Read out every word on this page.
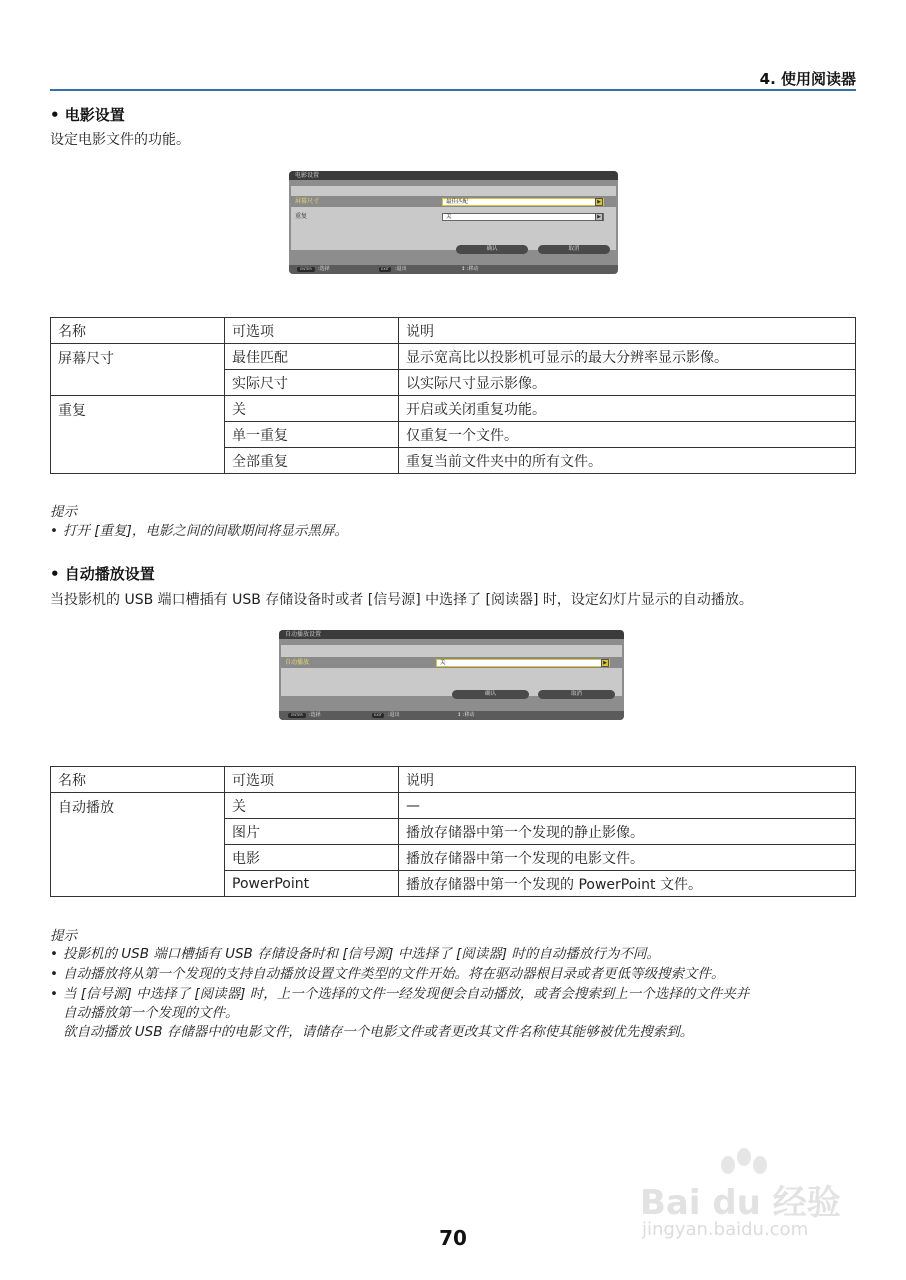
4. 使用阅读器
• 电影设置
设定电影文件的功能。
电影设置
屏幕尺寸	最佳匹配	▶
重复	关	▶
确认	取消
ENTER	:选择	EXIT	:退出	↕ :移动
名称	可选项	说明
屏幕尺寸	最佳匹配	显示宽高比以投影机可显示的最大分辨率显示影像。
	实际尺寸	以实际尺寸显示影像。
重复	关	开启或关闭重复功能。
	单一重复	仅重复一个文件。
	全部重复	重复当前文件夹中的所有文件。
提示
• 打开 [重复]，电影之间的间歇期间将显示黑屏。
• 自动播放设置
当投影机的 USB 端口槽插有 USB 存储设备时或者 [信号源] 中选择了 [阅读器] 时，设定幻灯片显示的自动播放。
自动播放设置
自动播放	关	▶
确认	取消
ENTER	:选择	EXIT	:退出	↕ :移动
名称	可选项	说明
自动播放	关	—
	图片	播放存储器中第一个发现的静止影像。
	电影	播放存储器中第一个发现的电影文件。
	PowerPoint	播放存储器中第一个发现的 PowerPoint 文件。
提示
• 投影机的 USB 端口槽插有 USB 存储设备时和 [信号源] 中选择了 [阅读器] 时的自动播放行为不同。
• 自动播放将从第一个发现的支持自动播放设置文件类型的文件开始。将在驱动器根目录或者更低等级搜索文件。
• 当 [信号源] 中选择了 [阅读器] 时，上一个选择的文件一经发现便会自动播放，或者会搜索到上一个选择的文件夹并
自动播放第一个发现的文件。
欲自动播放 USB 存储器中的电影文件，请储存一个电影文件或者更改其文件名称使其能够被优先搜索到。
Bai du 经验
jingyan.baidu.com
70
